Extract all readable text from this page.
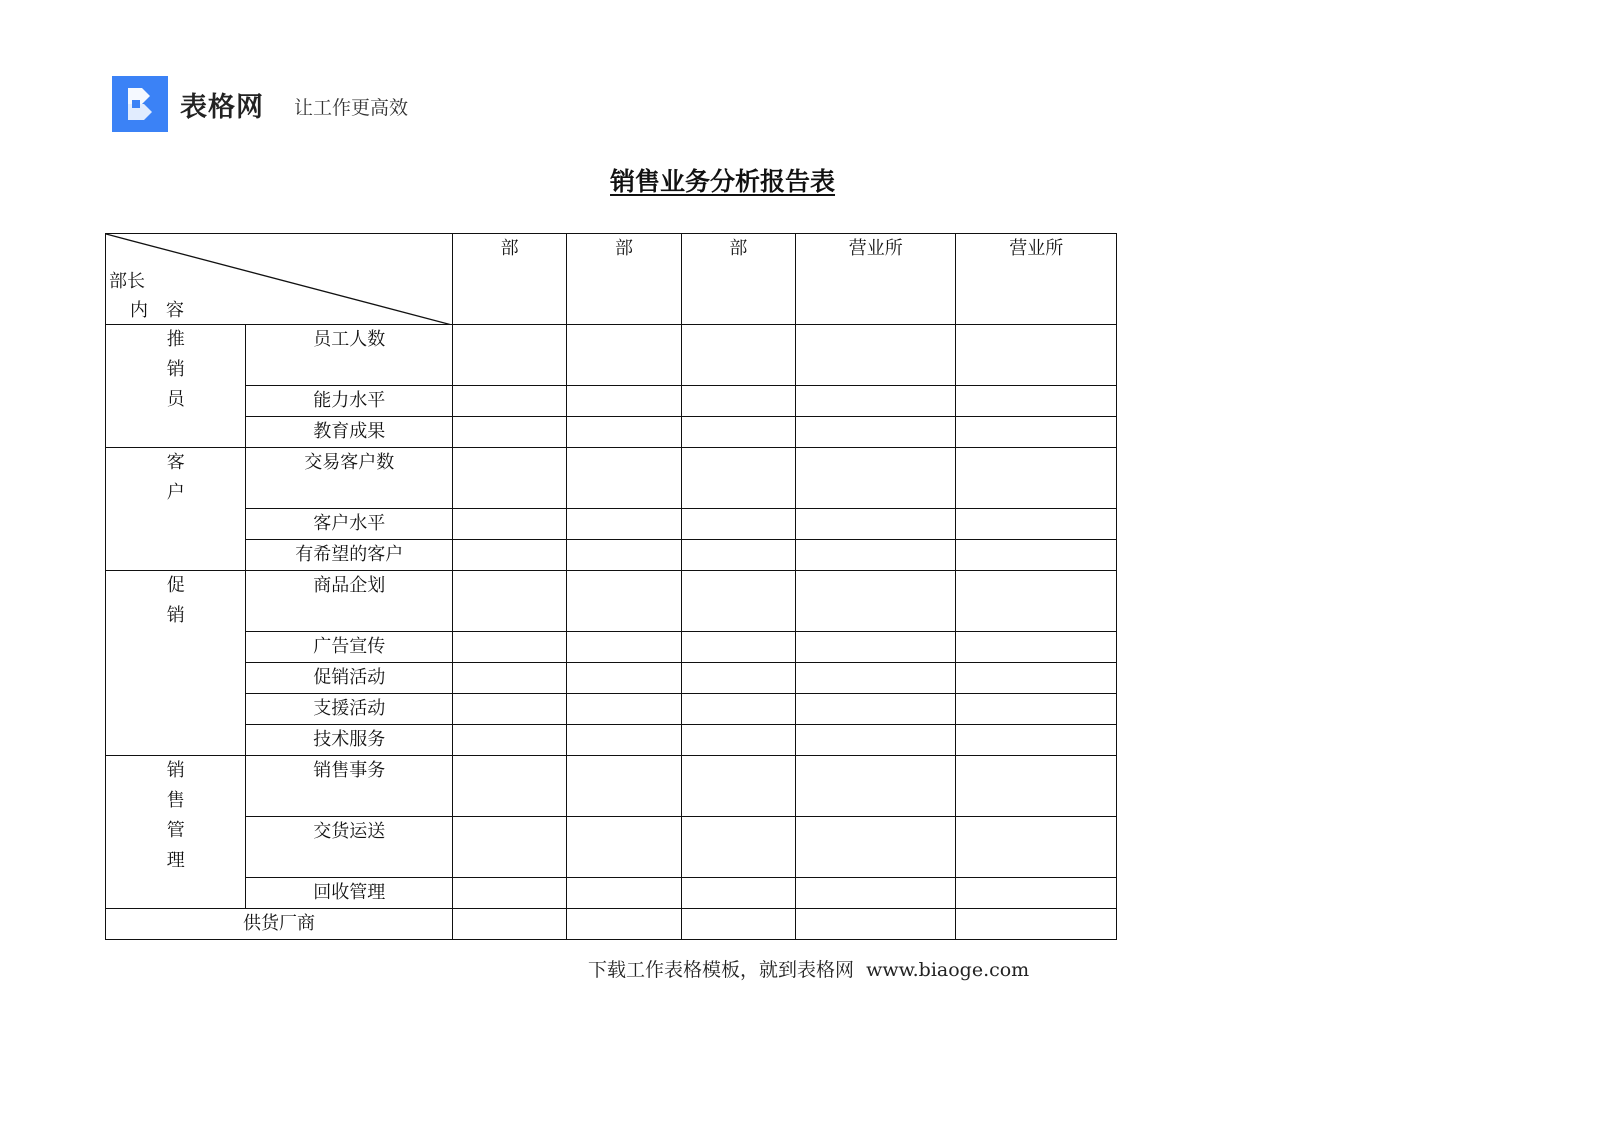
表格网 让工作更高效
销售业务分析报告表
部长
内　容		部	部	部	营业所	营业所

推
销
员	员工人数					
	能力水平					
	教育成果					

客
户	交易客户数					
	客户水平					
	有希望的客户					

促
销	商品企划					
	广告宣传					
	促销活动					
	支援活动					
	技术服务					

销
售
管
理	销售事务					
	交货运送					
	回收管理					
供货厂商						
下载工作表格模板，就到表格网  www.biaoge.com
